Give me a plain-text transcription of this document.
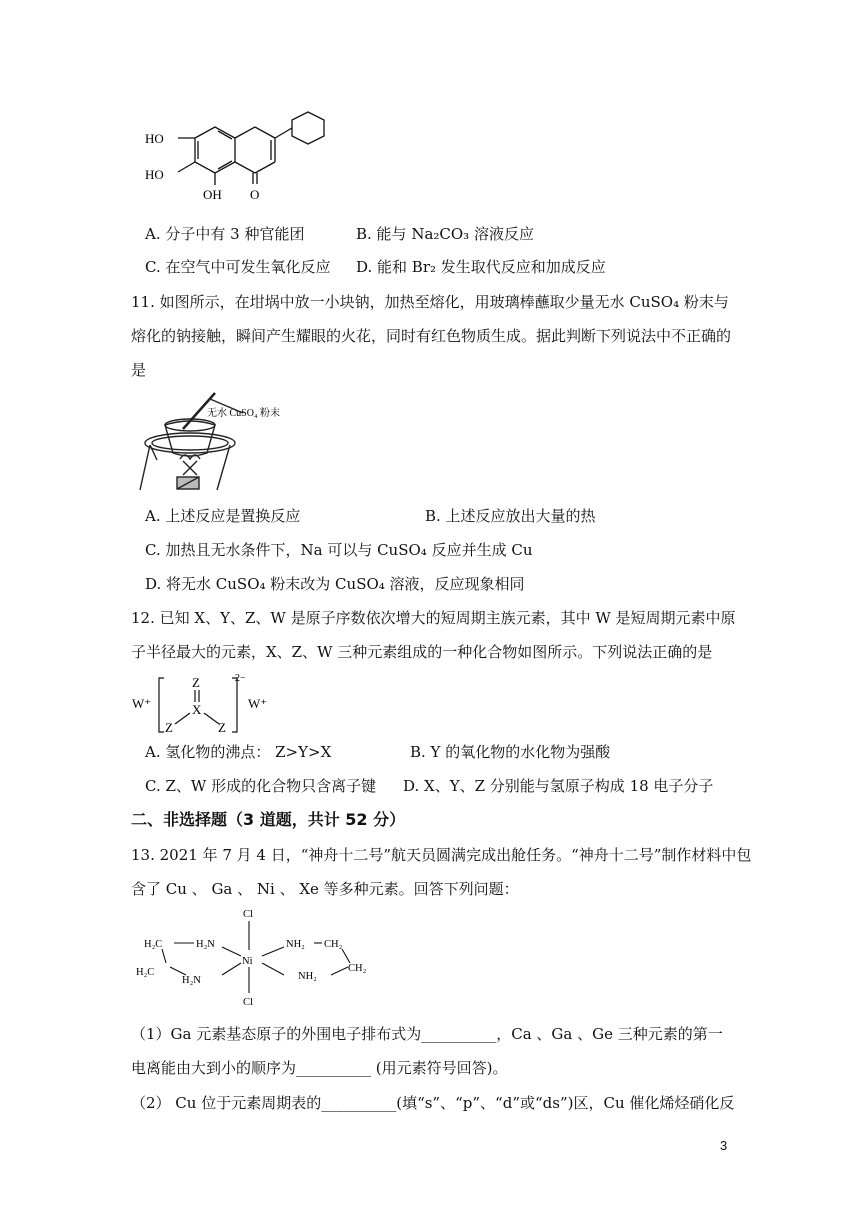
HO
HO
OH O
A. 分子中有 3 种官能团	B. 能与 Na₂CO₃ 溶液反应
C. 在空气中可发生氧化反应 D. 能和 Br₂ 发生取代反应和加成反应
11. 如图所示，在坩埚中放一小块钠，加热至熔化，用玻璃棒蘸取少量无水 CuSO₄ 粉末与
熔化的钠接触，瞬间产生耀眼的火花，同时有红色物质生成。据此判断下列说法中不正确的
是
无水 CuSO₄ 粉末
A. 上述反应是置换反应	B. 上述反应放出大量的热
C. 加热且无水条件下，Na 可以与 CuSO₄ 反应并生成 Cu
D. 将无水 CuSO₄ 粉末改为 CuSO₄ 溶液，反应现象相同
12. 已知 X、Y、Z、W 是原子序数依次增大的短周期主族元素，其中 W 是短周期元素中原
子半径最大的元素，X、Z、W 三种元素组成的一种化合物如图所示。下列说法正确的是
W⁺
Z
X
Z	Z
2−
W⁺
A. 氢化物的沸点： Z>Y>X	B. Y 的氧化物的水化物为强酸
C. Z、W 形成的化合物只含离子键 D. X、Y、Z 分别能与氢原子构成 18 电子分子
二、非选择题（3 道题，共计 52 分）
13. 2021 年 7 月 4 日，“神舟十二号”航天员圆满完成出舱任务。“神舟十二号”制作材料中包
含了 Cu 、 Ga 、 Ni 、 Xe 等多种元素。回答下列问题：
Cl
Cl
Ni
H₂C
H₂C
H₂N
H₂N
NH₂
NH₂
CH₂
CH₂
（1）Ga 元素基态原子的外围电子排布式为__________，Ca 、Ga 、Ge 三种元素的第一
电离能由大到小的顺序为__________ (用元素符号回答)。
（2） Cu 位于元素周期表的__________(填“s”、“p”、“d”或“ds”)区，Cu 催化烯烃硝化反
3
